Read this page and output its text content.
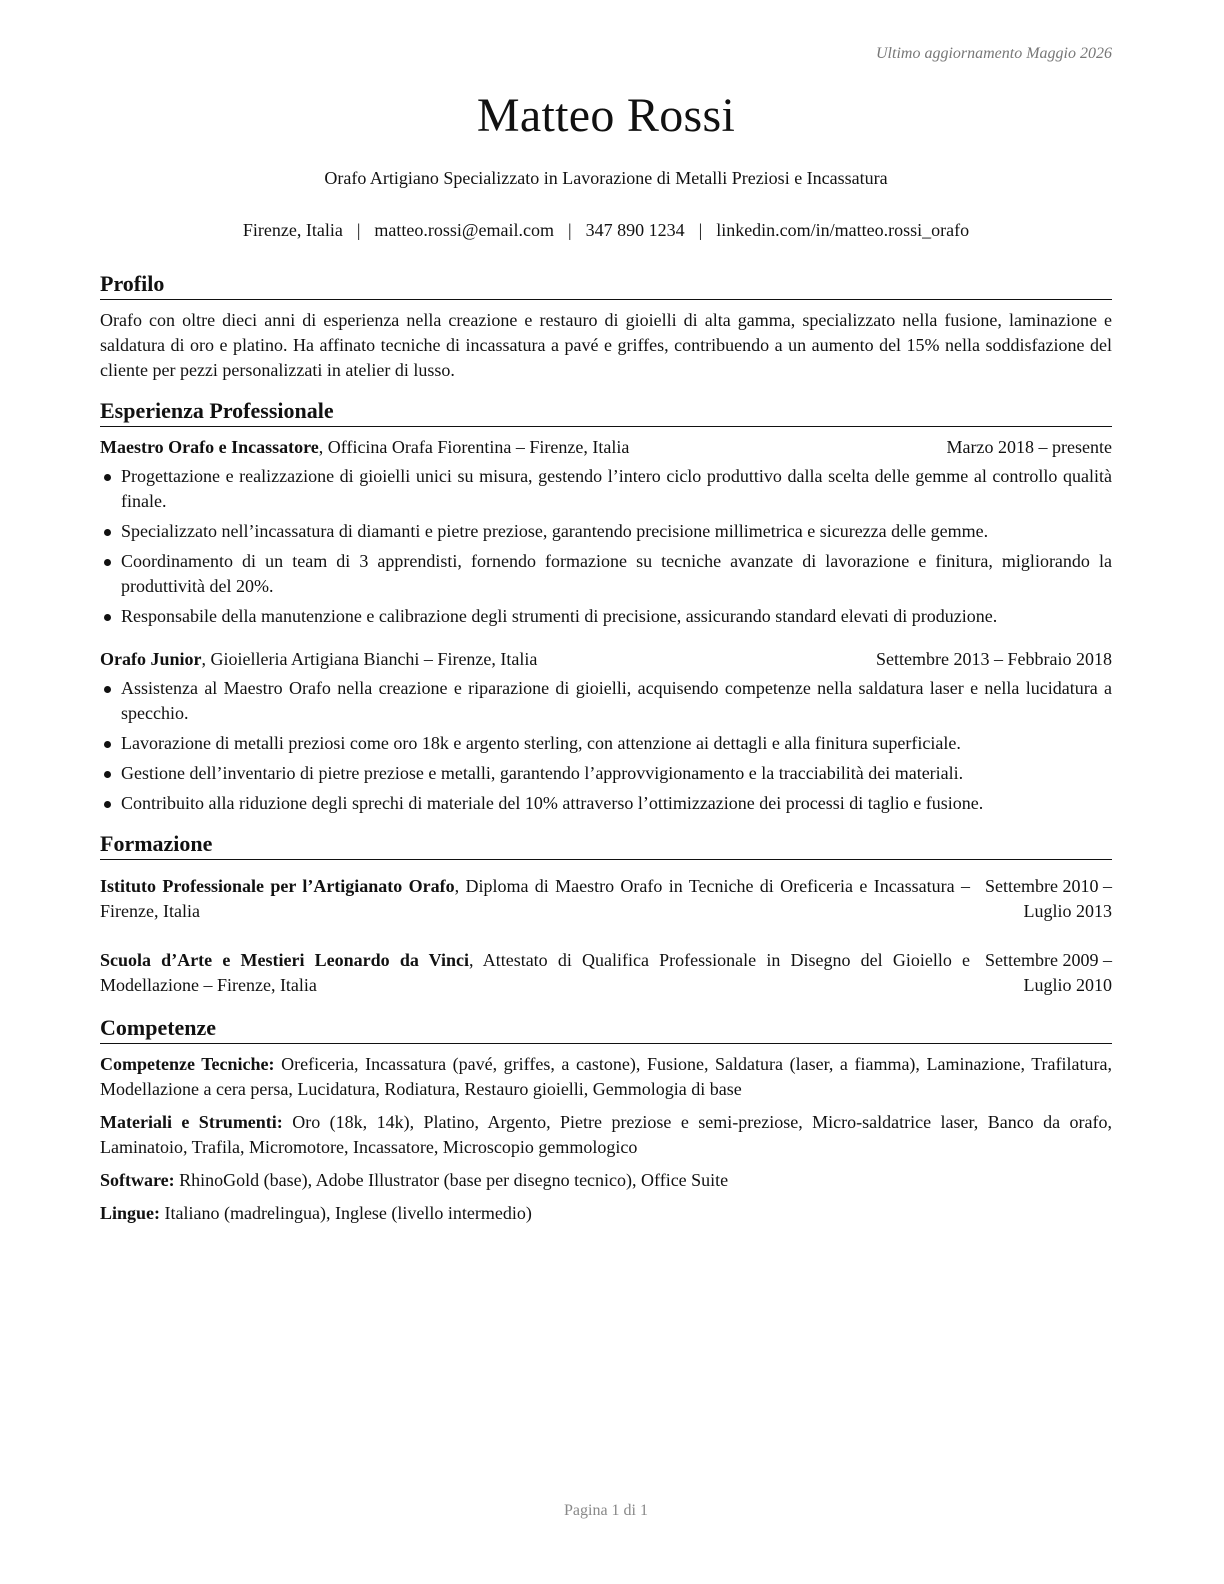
Ultimo aggiornamento Maggio 2026
Matteo Rossi
Orafo Artigiano Specializzato in Lavorazione di Metalli Preziosi e Incassatura
Firenze, Italia | matteo.rossi@email.com | 347 890 1234 | linkedin.com/in/matteo.rossi_orafo
Profilo

Orafo con oltre dieci anni di esperienza nella creazione e restauro di gioielli di alta gamma, specializzato nella fusione, laminazione e saldatura di oro e platino. Ha affinato tecniche di incassatura a pavé e griffes, contribuendo a un aumento del 15% nella soddisfazione del cliente per pezzi personalizzati in atelier di lusso.

Esperienza Professionale
Maestro Orafo e Incassatore, Officina Orafa Fiorentina – Firenze, Italia	Marzo 2018 – presente
Progettazione e realizzazione di gioielli unici su misura, gestendo l’intero ciclo produttivo dalla scelta delle gemme al controllo qualità finale.
Specializzato nell’incassatura di diamanti e pietre preziose, garantendo precisione millimetrica e sicurezza delle gemme.
Coordinamento di un team di 3 apprendisti, fornendo formazione su tecniche avanzate di lavorazione e finitura, migliorando la produttività del 20%.
Responsabile della manutenzione e calibrazione degli strumenti di precisione, assicurando standard elevati di produzione.
Orafo Junior, Gioielleria Artigiana Bianchi – Firenze, Italia	Settembre 2013 – Febbraio 2018
Assistenza al Maestro Orafo nella creazione e riparazione di gioielli, acquisendo competenze nella saldatura laser e nella lucidatura a specchio.
Lavorazione di metalli preziosi come oro 18k e argento sterling, con attenzione ai dettagli e alla finitura superficiale.
Gestione dell’inventario di pietre preziose e metalli, garantendo l’approvvigionamento e la tracciabilità dei materiali.
Contribuito alla riduzione degli sprechi di materiale del 10% attraverso l’ottimizzazione dei processi di taglio e fusione.
Formazione
Istituto Professionale per l’Artigianato Orafo, Diploma di Maestro Orafo in Tecniche di Oreficeria e Incassatura – Firenze, Italia
Settembre 2010 – Luglio 2013
Scuola d’Arte e Mestieri Leonardo da Vinci, Attestato di Qualifica Professionale in Disegno del Gioiello e Modellazione – Firenze, Italia
Settembre 2009 – Luglio 2010
Competenze

Competenze Tecniche: Oreficeria, Incassatura (pavé, griffes, a castone), Fusione, Saldatura (laser, a fiamma), Laminazione, Trafilatura, Modellazione a cera persa, Lucidatura, Rodiatura, Restauro gioielli, Gemmologia di base

Materiali e Strumenti: Oro (18k, 14k), Platino, Argento, Pietre preziose e semi-preziose, Micro-saldatrice laser, Banco da orafo, Laminatoio, Trafila, Micromotore, Incassatore, Microscopio gemmologico

Software: RhinoGold (base), Adobe Illustrator (base per disegno tecnico), Office Suite

Lingue: Italiano (madrelingua), Inglese (livello intermedio)

Pagina 1 di 1
